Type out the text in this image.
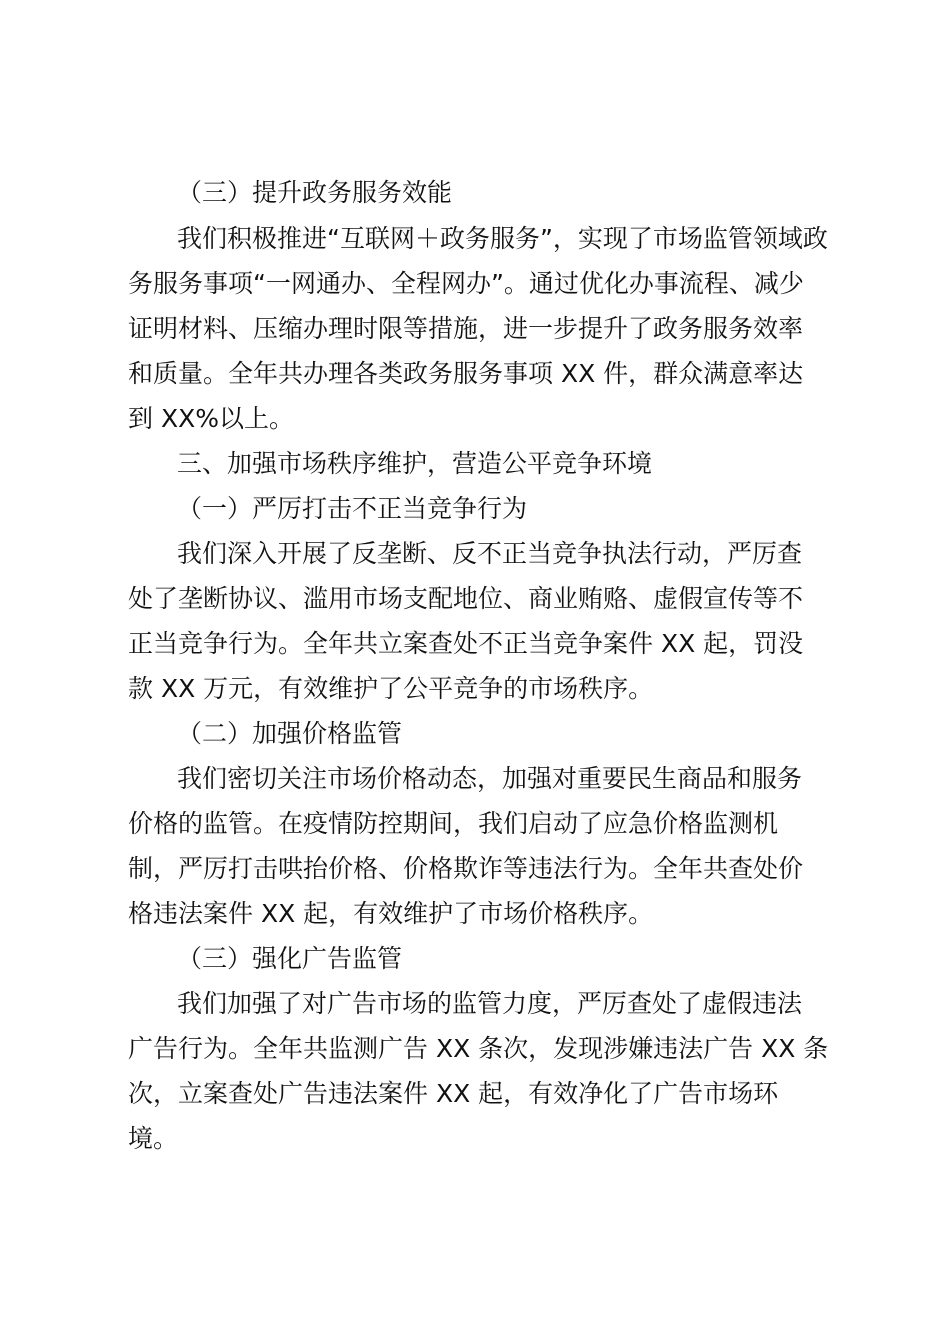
（三）提升政务服务效能
我们积极推进“互联网＋政务服务”，实现了市场监管领域政
务服务事项“一网通办、全程网办”。通过优化办事流程、减少
证明材料、压缩办理时限等措施，进一步提升了政务服务效率
和质量。全年共办理各类政务服务事项 XX 件，群众满意率达
到 XX%以上。
三、加强市场秩序维护，营造公平竞争环境
（一）严厉打击不正当竞争行为
我们深入开展了反垄断、反不正当竞争执法行动，严厉查
处了垄断协议、滥用市场支配地位、商业贿赂、虚假宣传等不
正当竞争行为。全年共立案查处不正当竞争案件 XX 起，罚没
款 XX 万元，有效维护了公平竞争的市场秩序。
（二）加强价格监管
我们密切关注市场价格动态，加强对重要民生商品和服务
价格的监管。在疫情防控期间，我们启动了应急价格监测机
制，严厉打击哄抬价格、价格欺诈等违法行为。全年共查处价
格违法案件 XX 起，有效维护了市场价格秩序。
（三）强化广告监管
我们加强了对广告市场的监管力度，严厉查处了虚假违法
广告行为。全年共监测广告 XX 条次，发现涉嫌违法广告 XX 条
次，立案查处广告违法案件 XX 起，有效净化了广告市场环
境。
